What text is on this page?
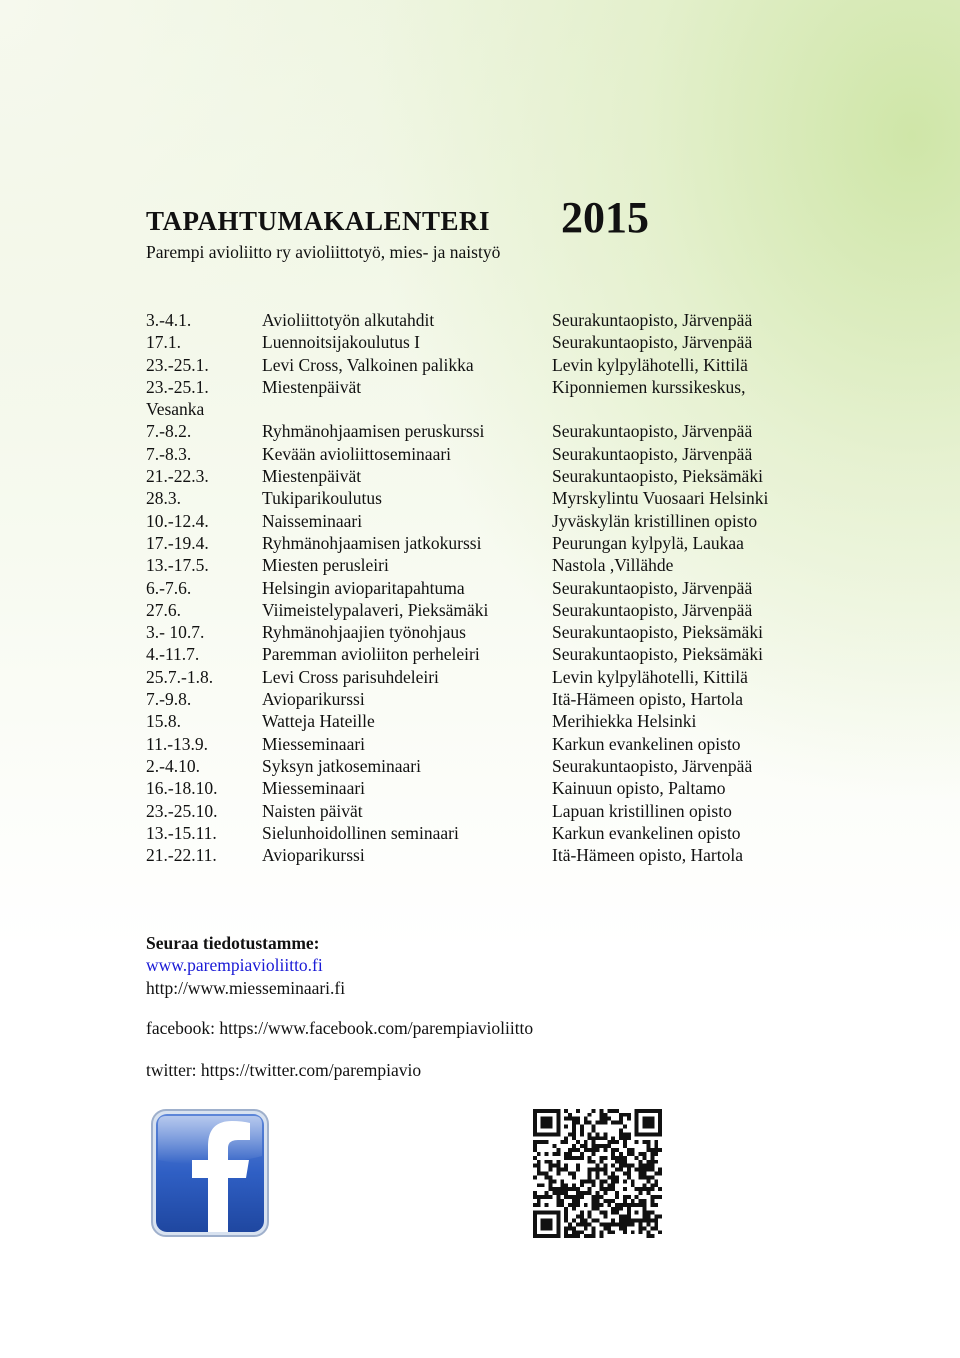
TAPAHTUMAKALENTERI 2015
Parempi avioliitto ry avioliittotyö, mies- ja naistyö
3.-4.1.	Avioliittotyön alkutahdit	Seurakuntaopisto, Järvenpää
17.1.	Luennoitsijakoulutus I	Seurakuntaopisto, Järvenpää
23.-25.1.	Levi Cross, Valkoinen palikka	Levin kylpylähotelli, Kittilä
23.-25.1.	Miestenpäivät	Kiponniemen kurssikeskus,
Vesanka
7.-8.2.	Ryhmänohjaamisen peruskurssi	Seurakuntaopisto, Järvenpää
7.-8.3.	Kevään avioliittoseminaari	Seurakuntaopisto, Järvenpää
21.-22.3.	Miestenpäivät	Seurakuntaopisto, Pieksämäki
28.3.	Tukiparikoulutus	Myrskylintu Vuosaari Helsinki
10.-12.4.	Naisseminaari	Jyväskylän kristillinen opisto
17.-19.4.	Ryhmänohjaamisen jatkokurssi	Peurungan kylpylä, Laukaa
13.-17.5.	Miesten perusleiri	Nastola ,Villähde
6.-7.6.	Helsingin avioparitapahtuma	Seurakuntaopisto, Järvenpää
27.6.	Viimeistelypalaveri, Pieksämäki	Seurakuntaopisto, Järvenpää
3.- 10.7.	Ryhmänohjaajien työnohjaus	Seurakuntaopisto, Pieksämäki
4.-11.7.	Paremman avioliiton perheleiri	Seurakuntaopisto, Pieksämäki
25.7.-1.8.	Levi Cross parisuhdeleiri	Levin kylpylähotelli, Kittilä
7.-9.8.	Avioparikurssi	Itä-Hämeen opisto, Hartola
15.8.	Watteja Hateille	Merihiekka Helsinki
11.-13.9.	Miesseminaari	Karkun evankelinen opisto
2.-4.10.	Syksyn jatkoseminaari	Seurakuntaopisto, Järvenpää
16.-18.10.	Miesseminaari	Kainuun opisto, Paltamo
23.-25.10.	Naisten päivät	Lapuan kristillinen opisto
13.-15.11.	Sielunhoidollinen seminaari	Karkun evankelinen opisto
21.-22.11.	Avioparikurssi	Itä-Hämeen opisto, Hartola
Seuraa tiedotustamme:
www.parempiavioliitto.fi
http://www.miesseminaari.fi
facebook: https://www.facebook.com/parempiavioliitto
twitter: https://twitter.com/parempiavio
